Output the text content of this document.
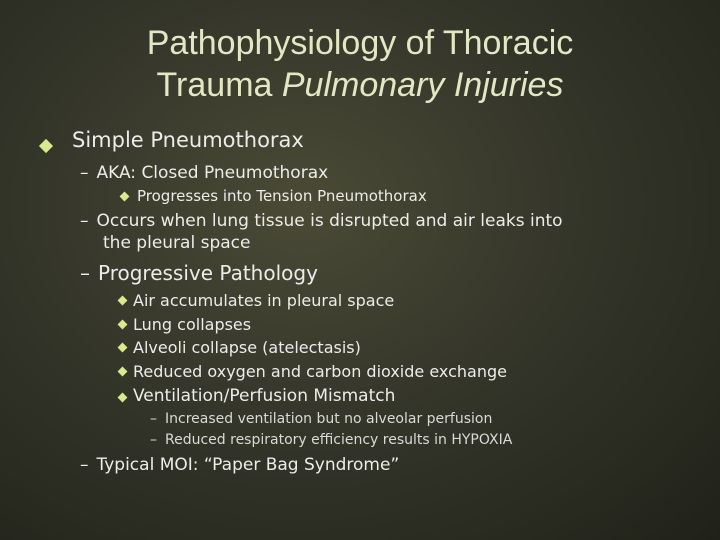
Pathophysiology of Thoracic
Trauma Pulmonary Injuries
Simple Pneumothorax
– AKA: Closed Pneumothorax
Progresses into Tension Pneumothorax
– Occurs when lung tissue is disrupted and air leaks into
the pleural space
– Progressive Pathology
Air accumulates in pleural space
Lung collapses
Alveoli collapse (atelectasis)
Reduced oxygen and carbon dioxide exchange
Ventilation/Perfusion Mismatch
– Increased ventilation but no alveolar perfusion
– Reduced respiratory efficiency results in HYPOXIA
– Typical MOI: “Paper Bag Syndrome”
